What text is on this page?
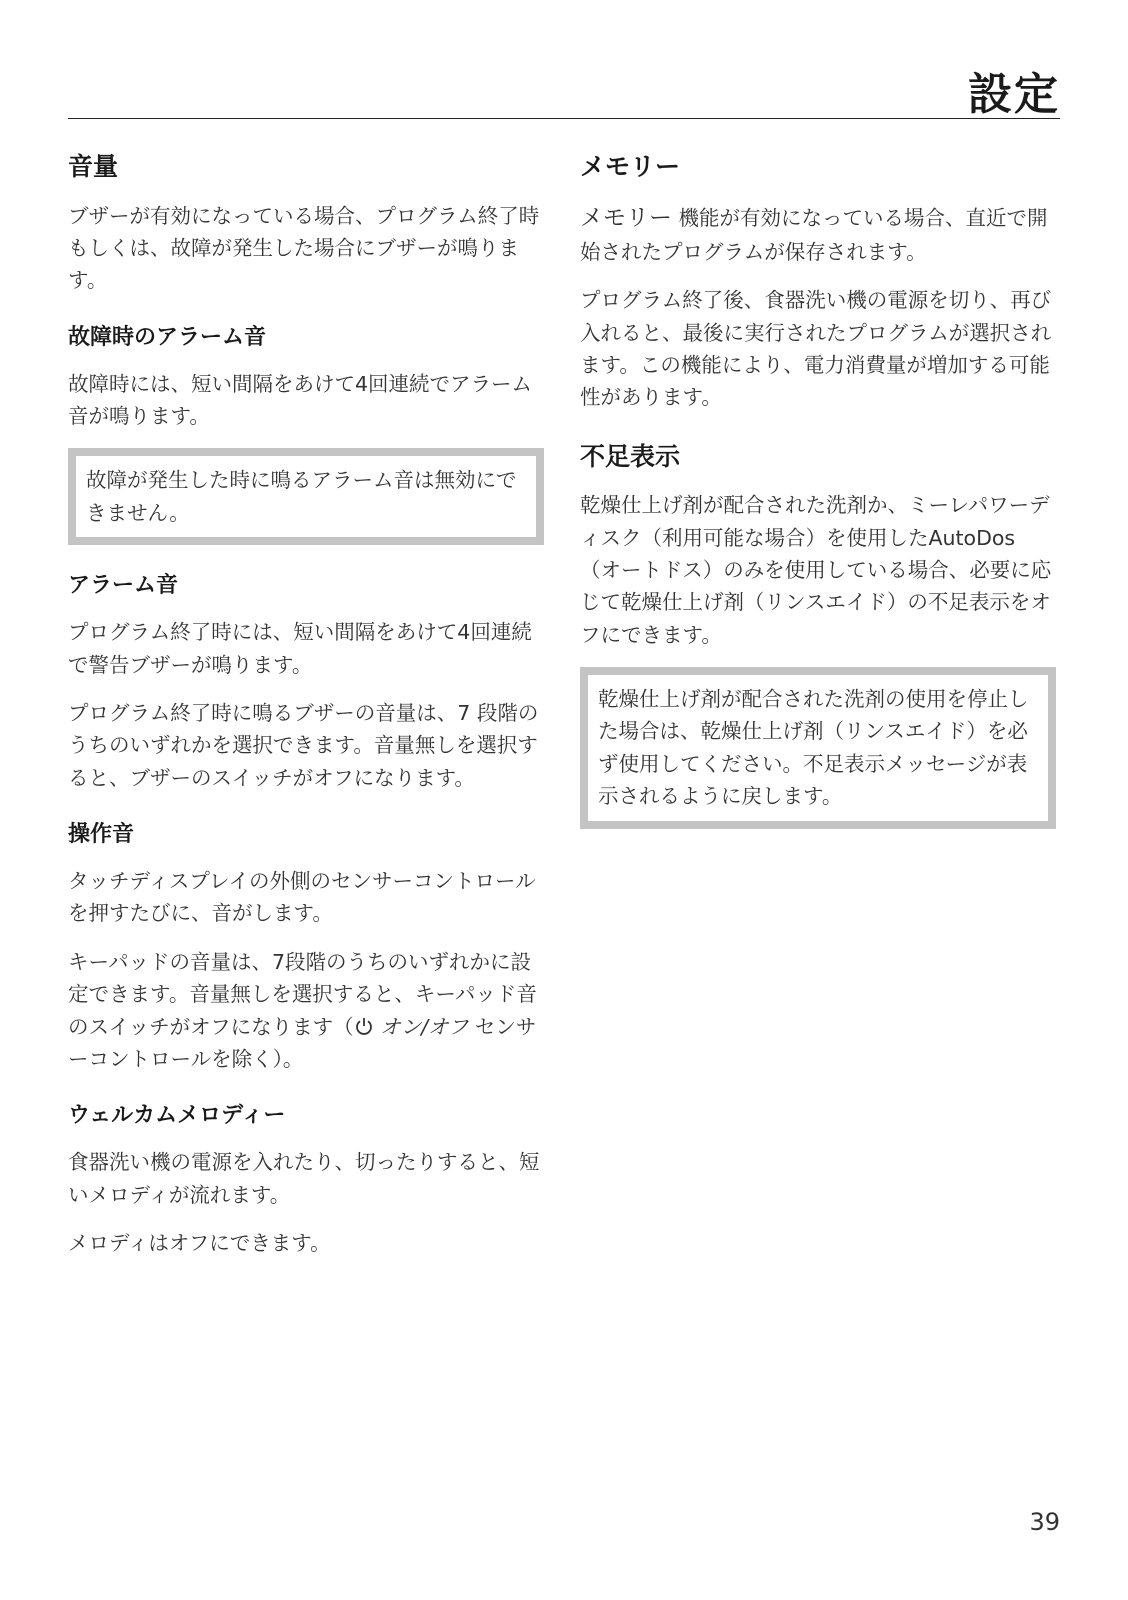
設定
音量

ブザーが有効になっている場合、プログラム終了時もしくは、故障が発生した場合にブザーが鳴ります。

故障時のアラーム音

故障時には、短い間隔をあけて4回連続でアラーム音が鳴ります。

故障が発生した時に鳴るアラーム音は無効にできません。

アラーム音

プログラム終了時には、短い間隔をあけて4回連続で警告ブザーが鳴ります。

プログラム終了時に鳴るブザーの音量は、7 段階のうちのいずれかを選択できます。音量無しを選択すると、ブザーのスイッチがオフになります。

操作音

タッチディスプレイの外側のセンサーコントロールを押すたびに、音がします。

キーパッドの音量は、7段階のうちのいずれかに設定できます。音量無しを選択すると、キーパッド音のスイッチがオフになります（ オン/オフ センサーコントロールを除く）。

ウェルカムメロディー

食器洗い機の電源を入れたり、切ったりすると、短いメロディが流れます。

メロディはオフにできます。

メモリー

メモリー 機能が有効になっている場合、直近で開始されたプログラムが保存されます。

プログラム終了後、食器洗い機の電源を切り、再び入れると、最後に実行されたプログラムが選択されます。この機能により、電力消費量が増加する可能性があります。

不足表示

乾燥仕上げ剤が配合された洗剤か、ミーレパワーディスク（利用可能な場合）を使用したAutoDos（オートドス）のみを使用している場合、必要に応じて乾燥仕上げ剤（リンスエイド）の不足表示をオフにできます。

乾燥仕上げ剤が配合された洗剤の使用を停止した場合は、乾燥仕上げ剤（リンスエイド）を必ず使用してください。不足表示メッセージが表示されるように戻します。

39
